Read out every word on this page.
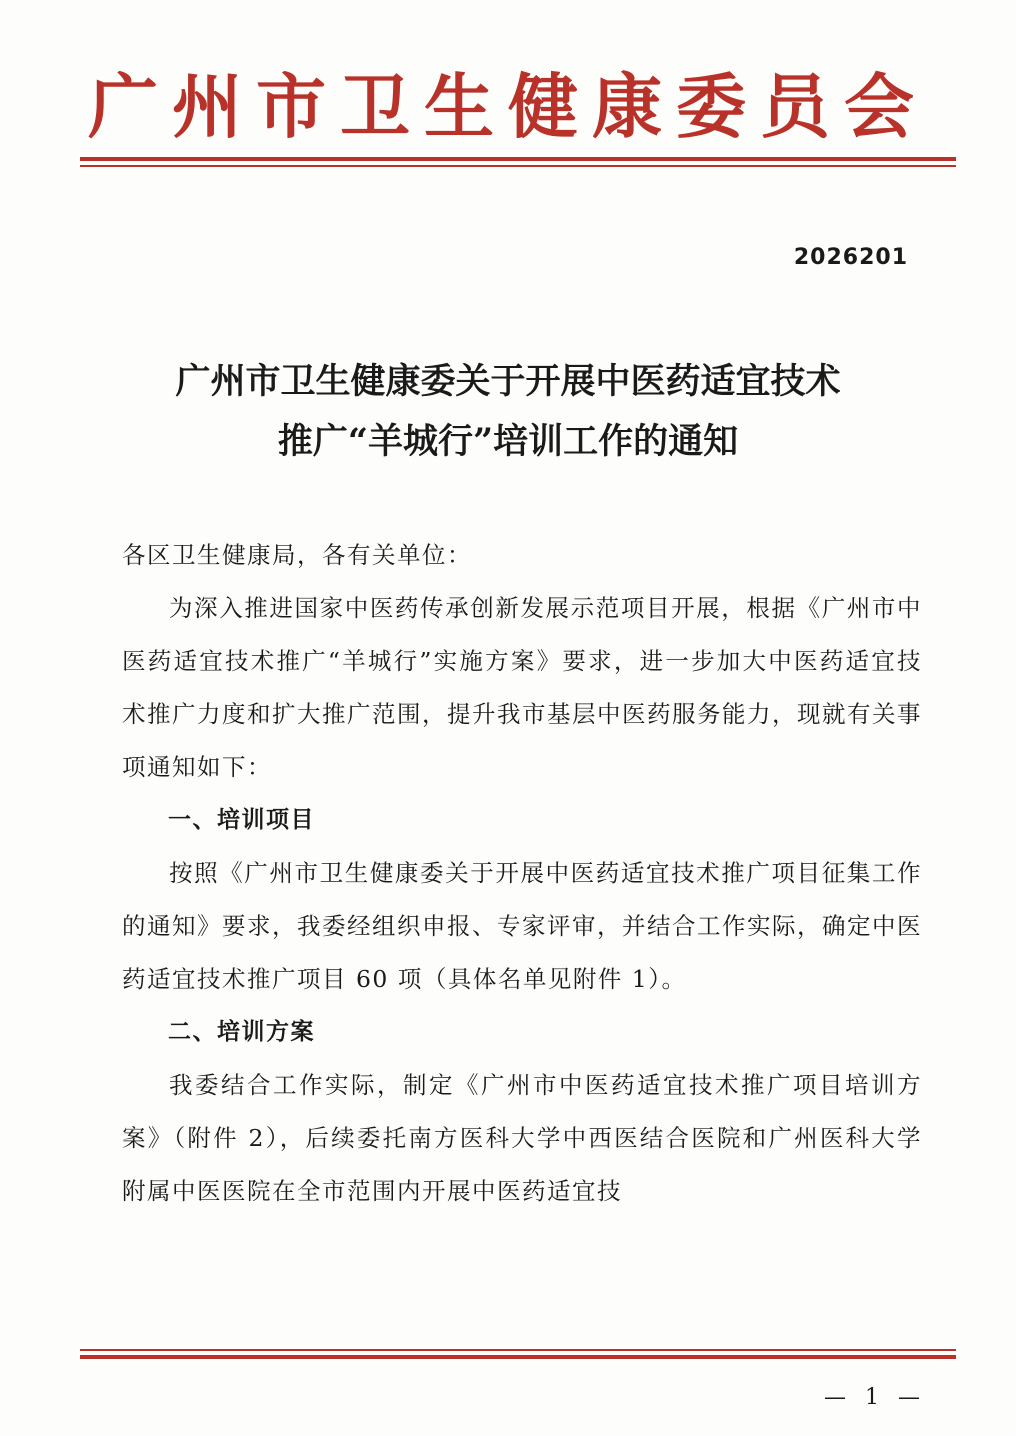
广州市卫生健康委员会
2026201
广州市卫生健康委关于开展中医药适宜技术
推广“羊城行”培训工作的通知

各区卫生健康局，各有关单位：

为深入推进国家中医药传承创新发展示范项目开展，根据《广州市中医药适宜技术推广“羊城行”实施方案》要求，进一步加大中医药适宜技术推广力度和扩大推广范围，提升我市基层中医药服务能力，现就有关事项通知如下：

一、培训项目

按照《广州市卫生健康委关于开展中医药适宜技术推广项目征集工作的通知》要求，我委经组织申报、专家评审，并结合工作实际，确定中医药适宜技术推广项目 60 项（具体名单见附件 1）。

二、培训方案

我委结合工作实际，制定《广州市中医药适宜技术推广项目培训方案》（附件 2），后续委托南方医科大学中西医结合医院和广州医科大学附属中医医院在全市范围内开展中医药适宜技

— 1 —
